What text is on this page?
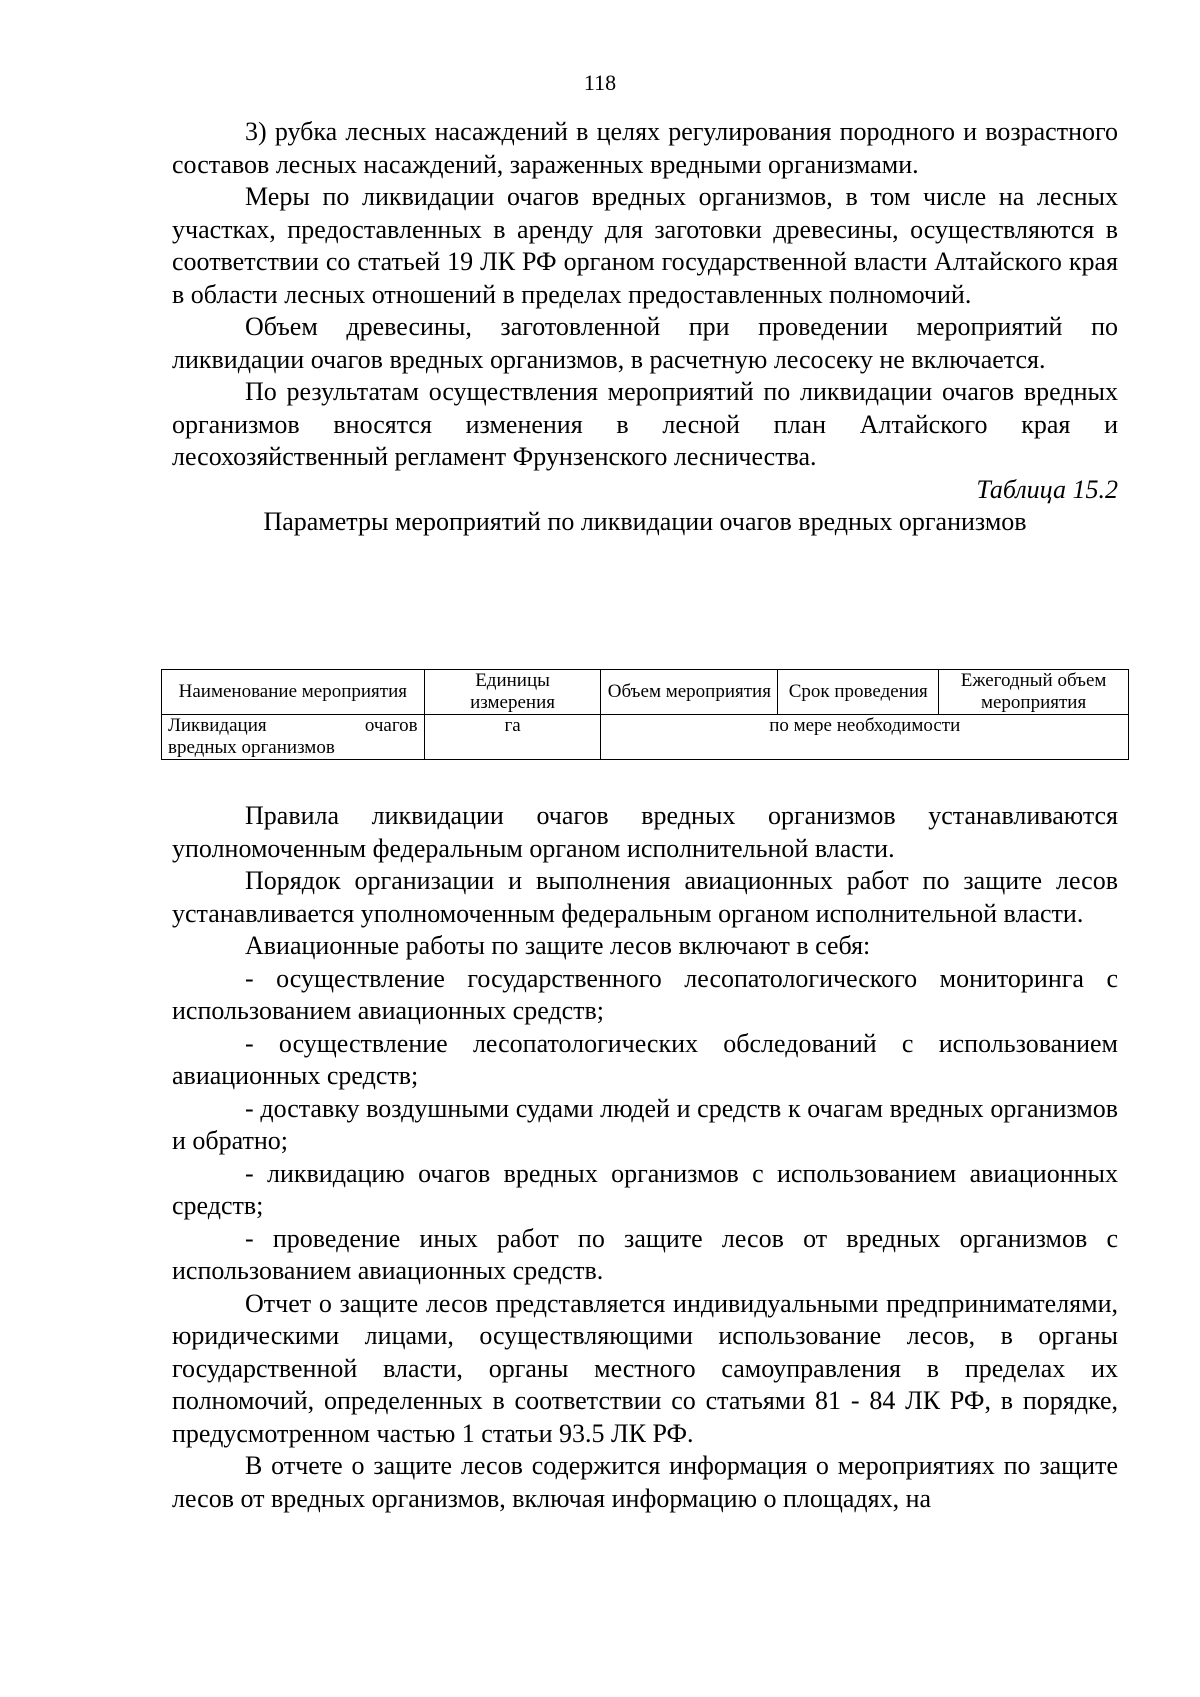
118

3) рубка лесных насаждений в целях регулирования породного и возрастного составов лесных насаждений, зараженных вредными организмами.

Меры по ликвидации очагов вредных организмов, в том числе на лесных участках, предоставленных в аренду для заготовки древесины, осуществляются в соответствии со статьей 19 ЛК РФ органом государственной власти Алтайского края в области лесных отношений в пределах предоставленных полномочий.

Объем древесины, заготовленной при проведении мероприятий по ликвидации очагов вредных организмов, в расчетную лесосеку не включается.

По результатам осуществления мероприятий по ликвидации очагов вредных организмов вносятся изменения в лесной план Алтайского края и лесохозяйственный регламент Фрунзенского лесничества.

Таблица 15.2
Параметры мероприятий по ликвидации очагов вредных организмов
Наименование мероприятия	Единицы измерения	Объем мероприятия	Срок проведения	Ежегодный объем мероприятия

Ликвидация очагов
вредных организмов	га	по мере необходимости		

Правила ликвидации очагов вредных организмов устанавливаются уполномоченным федеральным органом исполнительной власти.

Порядок организации и выполнения авиационных работ по защите лесов устанавливается уполномоченным федеральным органом исполнительной власти.

Авиационные работы по защите лесов включают в себя:

- осуществление государственного лесопатологического мониторинга с использованием авиационных средств;

- осуществление лесопатологических обследований с использованием авиационных средств;

- доставку воздушными судами людей и средств к очагам вредных организмов и обратно;

- ликвидацию очагов вредных организмов с использованием авиационных средств;

- проведение иных работ по защите лесов от вредных организмов с использованием авиационных средств.

Отчет о защите лесов представляется индивидуальными предпринимателями, юридическими лицами, осуществляющими использование лесов, в органы государственной власти, органы местного самоуправления в пределах их полномочий, определенных в соответствии со статьями 81 - 84 ЛК РФ, в порядке, предусмотренном частью 1 статьи 93.5 ЛК РФ.

В отчете о защите лесов содержится информация о мероприятиях по защите лесов от вредных организмов, включая информацию о площадях, на
